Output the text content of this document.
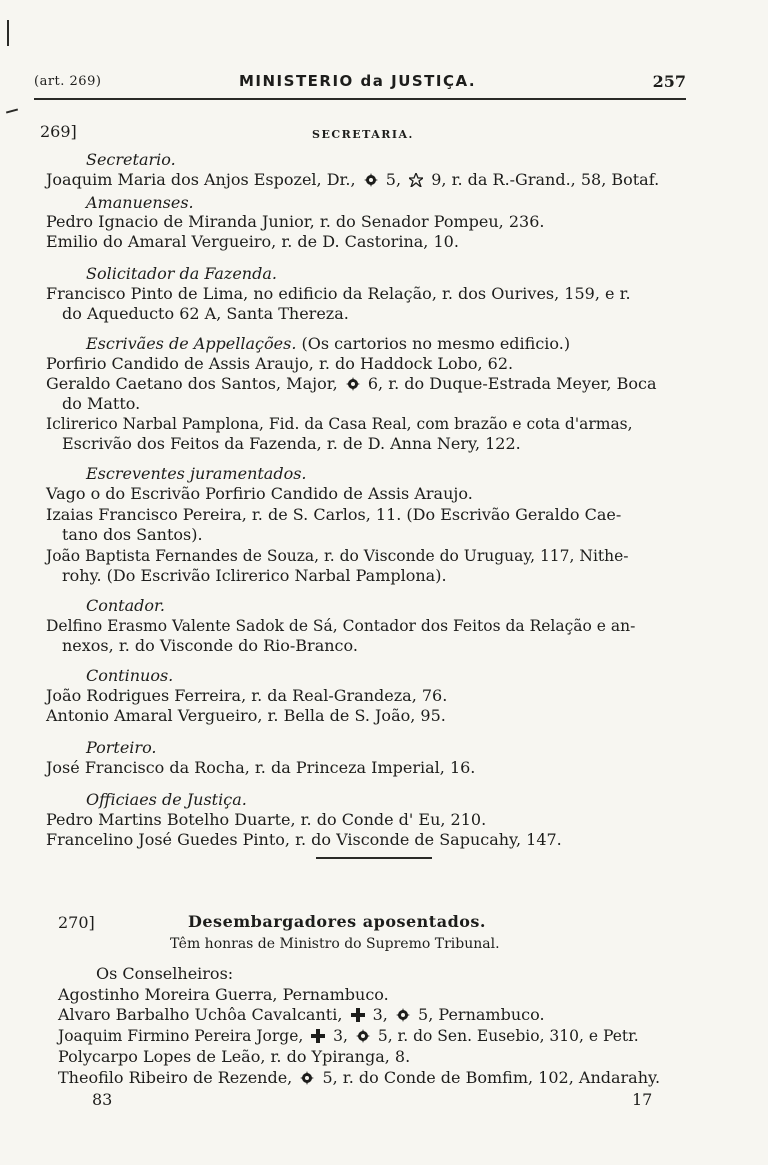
(art. 269)	MINISTERIO da JUSTIÇA.	257
269]	SECRETARIA.
Secretario.
Joaquim Maria dos Anjos Espozel, Dr., 5, 9, r. da R.-Grand., 58, Botaf.
Amanuenses.
Pedro Ignacio de Miranda Junior, r. do Senador Pompeu, 236.
Emilio do Amaral Vergueiro, r. de D. Castorina, 10.
Solicitador da Fazenda.
Francisco Pinto de Lima, no edificio da Relação, r. dos Ourives, 159, e r.
do Aqueducto 62 A, Santa Thereza.
Escrivães de Appellações. (Os cartorios no mesmo edificio.)
Porfirio Candido de Assis Araujo, r. do Haddock Lobo, 62.
Geraldo Caetano dos Santos, Major, 6, r. do Duque-Estrada Meyer, Boca
do Matto.
Iclirerico Narbal Pamplona, Fid. da Casa Real, com brazão e cota d'armas,
Escrivão dos Feitos da Fazenda, r. de D. Anna Nery, 122.
Escreventes juramentados.
Vago o do Escrivão Porfirio Candido de Assis Araujo.
Izaias Francisco Pereira, r. de S. Carlos, 11. (Do Escrivão Geraldo Cae-
tano dos Santos).
João Baptista Fernandes de Souza, r. do Visconde do Uruguay, 117, Nithe-
rohy. (Do Escrivão Iclirerico Narbal Pamplona).
Contador.
Delfino Erasmo Valente Sadok de Sá, Contador dos Feitos da Relação e an-
nexos, r. do Visconde do Rio-Branco.
Continuos.
João Rodrigues Ferreira, r. da Real-Grandeza, 76.
Antonio Amaral Vergueiro, r. Bella de S. João, 95.
Porteiro.
José Francisco da Rocha, r. da Princeza Imperial, 16.
Officiaes de Justiça.
Pedro Martins Botelho Duarte, r. do Conde d' Eu, 210.
Francelino José Guedes Pinto, r. do Visconde de Sapucahy, 147.
270]	Desembargadores aposentados.
Têm honras de Ministro do Supremo Tribunal.
Os Conselheiros:
Agostinho Moreira Guerra, Pernambuco.
Alvaro Barbalho Uchôa Cavalcanti, 3, 5, Pernambuco.
Joaquim Firmino Pereira Jorge, 3, 5, r. do Sen. Eusebio, 310, e Petr.
Polycarpo Lopes de Leão, r. do Ypiranga, 8.
Theofilo Ribeiro de Rezende, 5, r. do Conde de Bomfim, 102, Andarahy.
83	17
